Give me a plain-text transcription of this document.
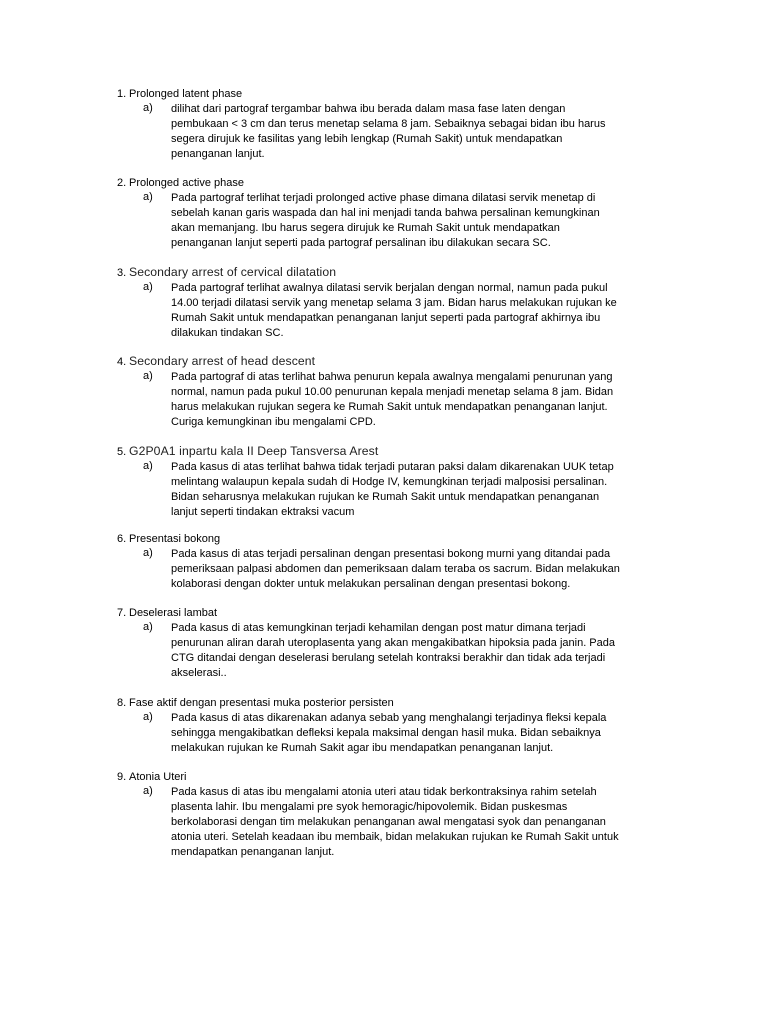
1. Prolonged latent phase
a) dilihat dari partograf tergambar bahwa ibu berada dalam masa fase laten dengan
pembukaan < 3 cm dan terus menetap selama 8 jam. Sebaiknya sebagai bidan ibu harus
segera dirujuk ke fasilitas yang lebih lengkap (Rumah Sakit) untuk mendapatkan
penanganan lanjut.
2. Prolonged active phase
a) Pada partograf terlihat terjadi prolonged active phase dimana dilatasi servik menetap di
sebelah kanan garis waspada dan hal ini menjadi tanda bahwa persalinan kemungkinan
akan memanjang. Ibu harus segera dirujuk ke Rumah Sakit untuk mendapatkan
penanganan lanjut seperti pada partograf persalinan ibu dilakukan secara SC.
3. Secondary arrest of cervical dilatation
a) Pada partograf terlihat awalnya dilatasi servik berjalan dengan normal, namun pada pukul
14.00 terjadi dilatasi servik yang menetap selama 3 jam. Bidan harus melakukan rujukan ke
Rumah Sakit untuk mendapatkan penanganan lanjut seperti pada partograf akhirnya ibu
dilakukan tindakan SC.
4. Secondary arrest of head descent
a) Pada partograf di atas terlihat bahwa penurun kepala awalnya mengalami penurunan yang
normal, namun pada pukul 10.00 penurunan kepala menjadi menetap selama 8 jam. Bidan
harus melakukan rujukan segera ke Rumah Sakit untuk mendapatkan penanganan lanjut.
Curiga kemungkinan ibu mengalami CPD.
5. G2P0A1 inpartu kala II Deep Tansversa Arest
a) Pada kasus di atas terlihat bahwa tidak terjadi putaran paksi dalam dikarenakan UUK tetap
melintang walaupun kepala sudah di Hodge IV, kemungkinan terjadi malposisi persalinan.
Bidan seharusnya melakukan rujukan ke Rumah Sakit untuk mendapatkan penanganan
lanjut seperti tindakan ektraksi vacum
6. Presentasi bokong
a) Pada kasus di atas terjadi persalinan dengan presentasi bokong murni yang ditandai pada
pemeriksaan palpasi abdomen dan pemeriksaan dalam teraba os sacrum. Bidan melakukan
kolaborasi dengan dokter untuk melakukan persalinan dengan presentasi bokong.
7. Deselerasi lambat
a) Pada kasus di atas kemungkinan terjadi kehamilan dengan post matur dimana terjadi
penurunan aliran darah uteroplasenta yang akan mengakibatkan hipoksia pada janin. Pada
CTG ditandai dengan deselerasi berulang setelah kontraksi berakhir dan tidak ada terjadi
akselerasi..
8. Fase aktif dengan presentasi muka posterior persisten
a) Pada kasus di atas dikarenakan adanya sebab yang menghalangi terjadinya fleksi kepala
sehingga mengakibatkan defleksi kepala maksimal dengan hasil muka. Bidan sebaiknya
melakukan rujukan ke Rumah Sakit agar ibu mendapatkan penanganan lanjut.
9. Atonia Uteri
a) Pada kasus di atas ibu mengalami atonia uteri atau tidak berkontraksinya rahim setelah
plasenta lahir. Ibu mengalami pre syok hemoragic/hipovolemik. Bidan puskesmas
berkolaborasi dengan tim melakukan penanganan awal mengatasi syok dan penanganan
atonia uteri. Setelah keadaan ibu membaik, bidan melakukan rujukan ke Rumah Sakit untuk
mendapatkan penanganan lanjut.
